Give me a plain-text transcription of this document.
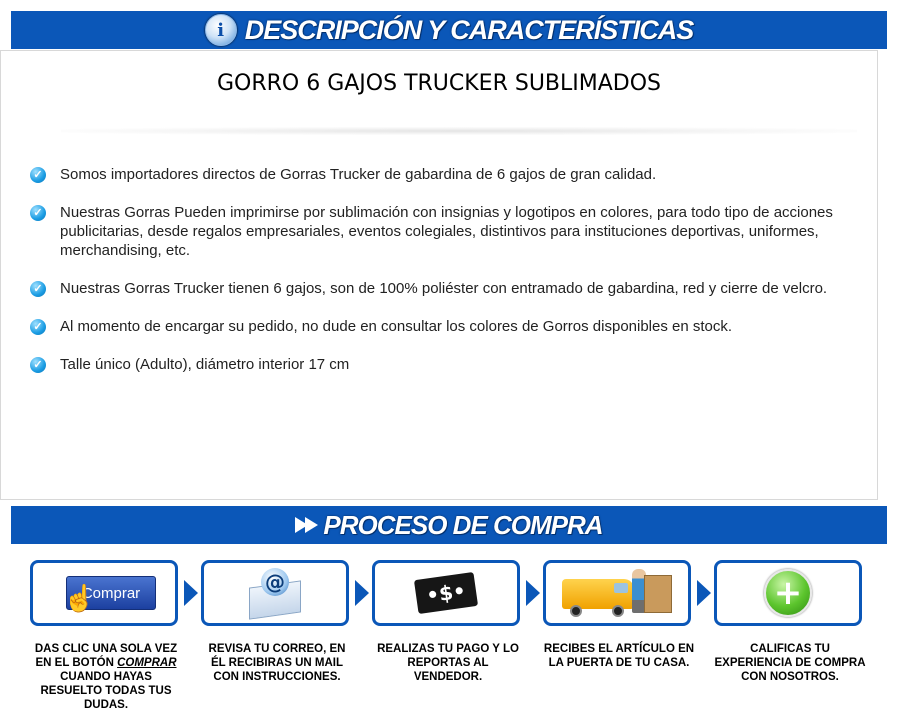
i DESCRIPCIÓN Y CARACTERÍSTICAS
GORRO 6 GAJOS TRUCKER SUBLIMADOS
✓ Somos importadores directos de Gorras Trucker de gabardina de 6 gajos de gran calidad.
✓ Nuestras Gorras Pueden imprimirse por sublimación con insignias y logotipos en colores, para todo tipo de acciones publicitarias, desde regalos empresariales, eventos colegiales, distintivos para instituciones deportivas, uniformes, merchandising, etc.
✓ Nuestras Gorras Trucker tienen 6 gajos, son de 100% poliéster con entramado de gabardina, red y cierre de velcro.
✓ Al momento de encargar su pedido, no dude en consultar los colores de Gorros disponibles en stock.
✓ Talle único (Adulto), diámetro interior 17 cm
PROCESO DE COMPRA
Comprar
☝
DAS CLIC UNA SOLA VEZ EN EL BOTÓN COMPRAR CUANDO HAYAS RESUELTO TODAS TUS DUDAS.
@
REVISA TU CORREO, EN ÉL RECIBIRAS UN MAIL CON INSTRUCCIONES.
•$•
REALIZAS TU PAGO Y LO REPORTAS AL VENDEDOR.
RECIBES EL ARTÍCULO EN LA PUERTA DE TU CASA.
+
CALIFICAS TU EXPERIENCIA DE COMPRA CON NOSOTROS.
